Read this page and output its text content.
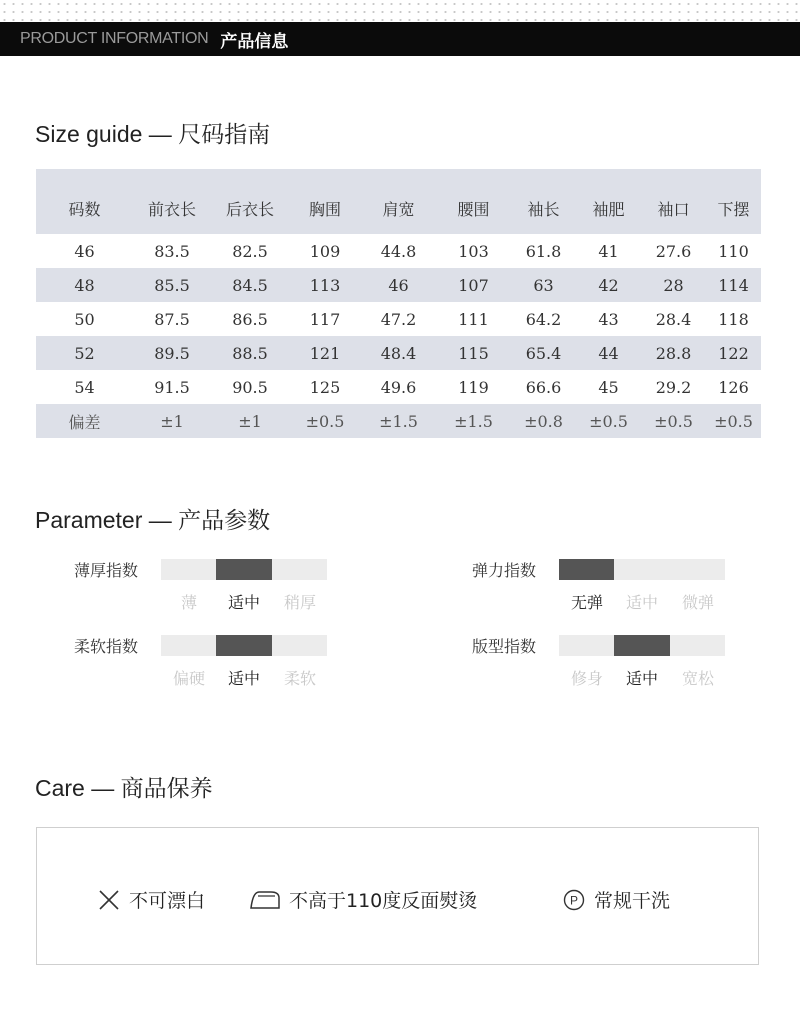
PRODUCT INFORMATION 产品信息
Size guide — 尺码指南
码数	前衣长	后衣长	胸围	肩宽	腰围	袖长	袖肥	袖口	下摆
46	83.5	82.5	109	44.8	103	61.8	41	27.6	110
48	85.5	84.5	113	46	107	63	42	28	114
50	87.5	86.5	117	47.2	111	64.2	43	28.4	118
52	89.5	88.5	121	48.4	115	65.4	44	28.8	122
54	91.5	90.5	125	49.6	119	66.6	45	29.2	126
偏差	±1	±1	±0.5	±1.5	±1.5	±0.8	±0.5	±0.5	±0.5
Parameter — 产品参数
薄厚指数
薄	适中	稍厚
弹力指数
无弹	适中	微弹
柔软指数
偏硬	适中	柔软
版型指数
修身	适中	宽松
Care — 商品保养
不可漂白	不高于110度反面熨烫	P 常规干洗
